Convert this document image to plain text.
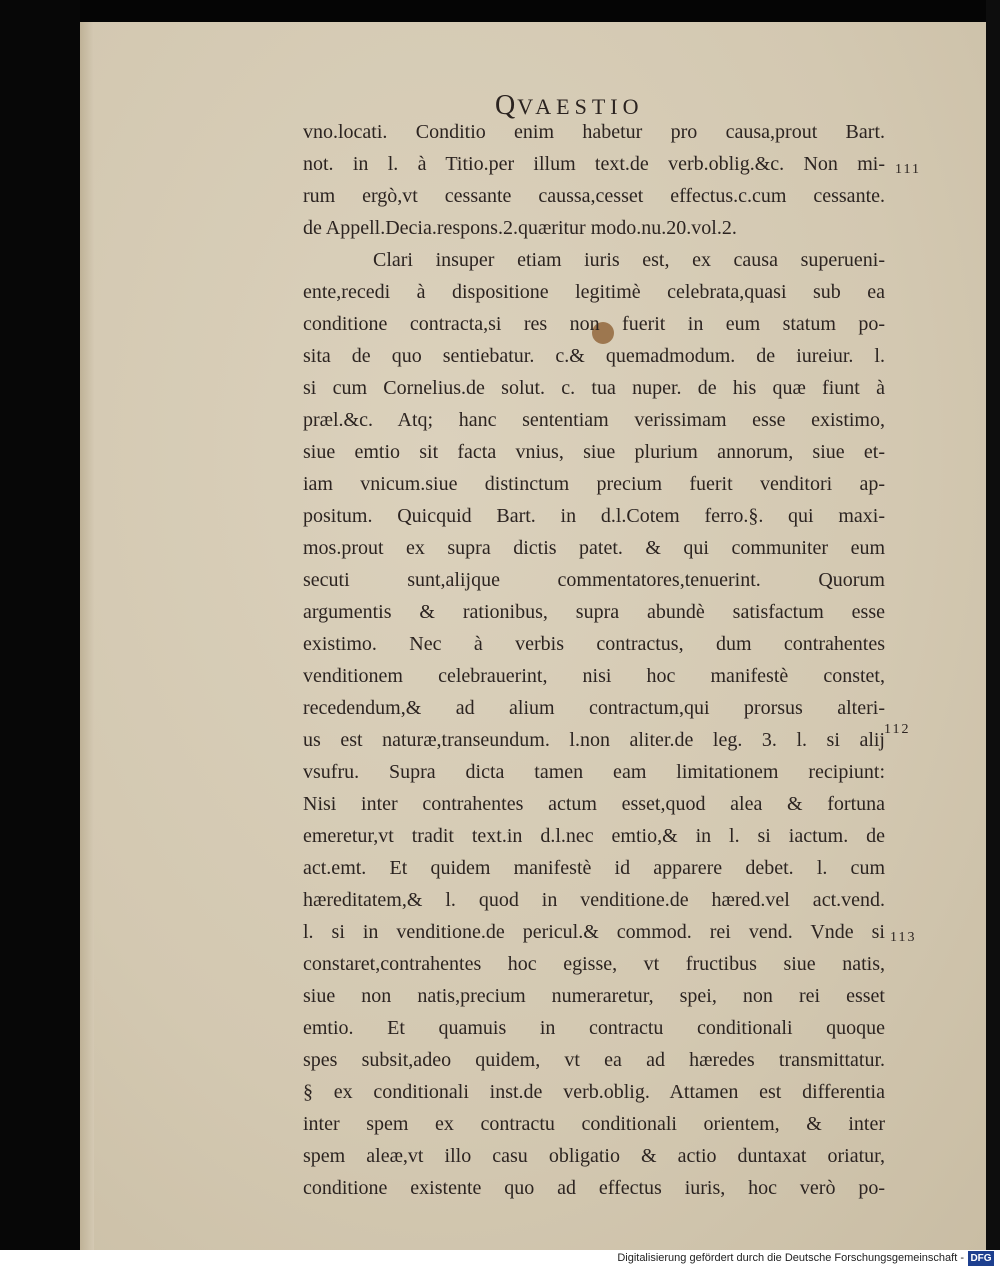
QVAESTIO
vno.locati. Conditio enim habetur pro causa,prout Bart.
not. in l. à Titio.per illum text.de verb.oblig.&c. Non mi-
rum ergò,vt cessante caussa,cesset effectus.c.cum cessante.
de Appell.Decia.respons.2.quæritur modo.nu.20.vol.2.
Clari insuper etiam iuris est, ex causa superueni-
ente,recedi à dispositione legitimè celebrata,quasi sub ea
conditione contracta,si res non fuerit in eum statum po-
sita de quo sentiebatur. c.& quemadmodum. de iureiur. l.
si cum Cornelius.de solut. c. tua nuper. de his quæ fiunt à
præl.&c. Atq; hanc sententiam verissimam esse existimo,
siue emtio sit facta vnius, siue plurium annorum, siue et-
iam vnicum.siue distinctum precium fuerit venditori ap-
positum. Quicquid Bart. in d.l.Cotem ferro.§. qui maxi-
mos.prout ex supra dictis patet. & qui communiter eum
secuti sunt,alijque commentatores,tenuerint. Quorum
argumentis & rationibus, supra abundè satisfactum esse
existimo. Nec à verbis contractus, dum contrahentes
venditionem celebrauerint, nisi hoc manifestè constet,
recedendum,& ad alium contractum,qui prorsus alteri-
us est naturæ,transeundum. l.non aliter.de leg. 3. l. si alij
vsufru. Supra dicta tamen eam limitationem recipiunt:
Nisi inter contrahentes actum esset,quod alea & fortuna
emeretur,vt tradit text.in d.l.nec emtio,& in l. si iactum. de
act.emt. Et quidem manifestè id apparere debet. l. cum
hæreditatem,& l. quod in venditione.de hæred.vel act.vend.
l. si in venditione.de pericul.& commod. rei vend. Vnde si
constaret,contrahentes hoc egisse, vt fructibus siue natis,
siue non natis,precium numeraretur, spei, non rei esset
emtio. Et quamuis in contractu conditionali quoque
spes subsit,adeo quidem, vt ea ad hæredes transmittatur.
§ ex conditionali inst.de verb.oblig. Attamen est differentia
inter spem ex contractu conditionali orientem, & inter
spem aleæ,vt illo casu obligatio & actio duntaxat oriatur,
conditione existente quo ad effectus iuris, hoc verò po-
111
112
113
Digitalisierung gefördert durch die Deutsche Forschungsgemeinschaft - DFG
